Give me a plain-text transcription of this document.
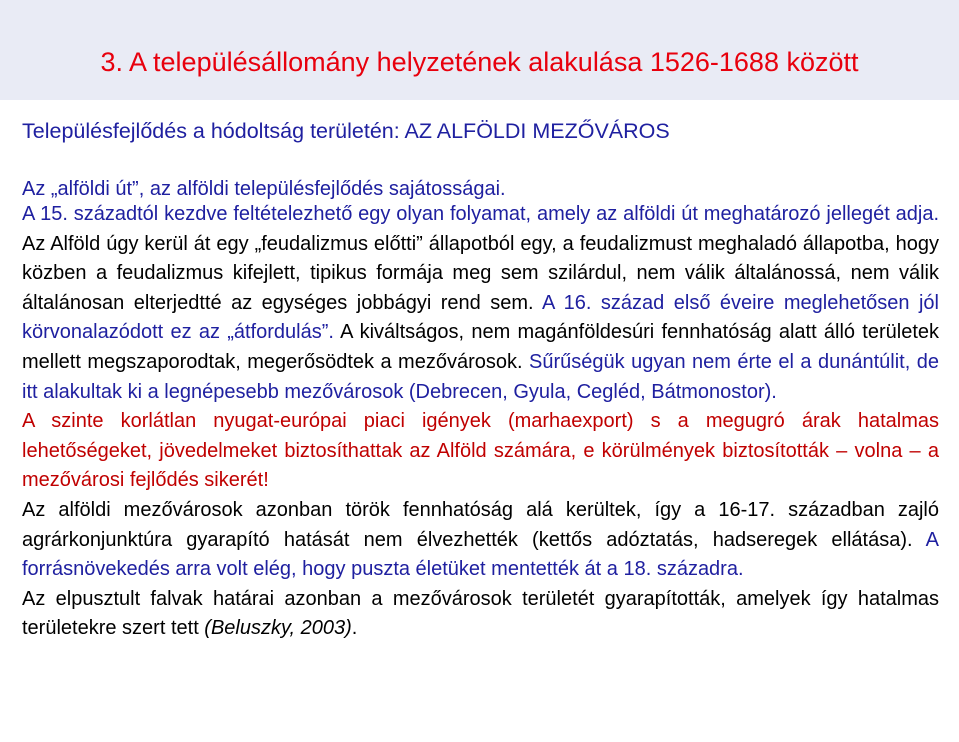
3. A településállomány helyzetének alakulása 1526-1688 között
Településfejlődés a hódoltság területén: AZ ALFÖLDI MEZŐVÁROS
Az „alföldi út”, az alföldi településfejlődés sajátosságai.

A 15. századtól kezdve feltételezhető egy olyan folyamat, amely az alföldi út meghatározó jellegét adja. Az Alföld úgy kerül át egy „feudalizmus előtti” állapotból egy, a feudalizmust meghaladó állapotba, hogy közben a feudalizmus kifejlett, tipikus formája meg sem szilárdul, nem válik általánossá, nem válik általánosan elterjedtté az egységes jobbágyi rend sem. A 16. század első éveire meglehetősen jól körvonalazódott ez az „átfordulás”. A kiváltságos, nem magánföldesúri fennhatóság alatt álló területek mellett megszaporodtak, megerősödtek a mezővárosok. Sűrűségük ugyan nem érte el a dunántúlit, de itt alakultak ki a legnépesebb mezővárosok (Debrecen, Gyula, Cegléd, Bátmonostor).

A szinte korlátlan nyugat-európai piaci igények (marhaexport) s a megugró árak hatalmas lehetőségeket, jövedelmeket biztosíthattak az Alföld számára, e körülmények biztosították – volna – a mezővárosi fejlődés sikerét!

Az alföldi mezővárosok azonban török fennhatóság alá kerültek, így a 16-17. században zajló agrárkonjunktúra gyarapító hatását nem élvezhették (kettős adóztatás, hadseregek ellátása). A forrásnövekedés arra volt elég, hogy puszta életüket mentették át a 18. századra.

Az elpusztult falvak határai azonban a mezővárosok területét gyarapították, amelyek így hatalmas területekre szert tett (Beluszky, 2003).
